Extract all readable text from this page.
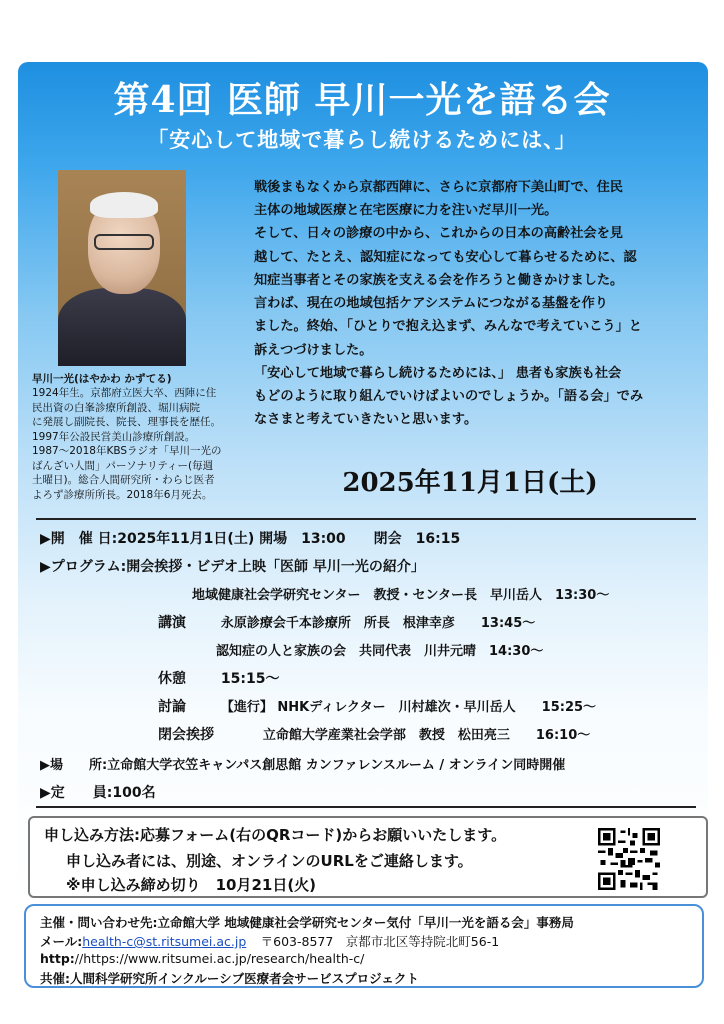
第4回 医師 早川一光を語る会
「安心して地域で暮らし続けるためには、」
早川一光(はやかわ かずてる)
1924年生。京都府立医大卒、西陣に住
民出資の白峯診療所創設、堀川病院
に発展し副院長、院長、理事長を歴任。
1997年公設民営美山診療所創設。
1987〜2018年KBSラジオ「早川一光の
ばんざい人間」パーソナリティー(毎週
土曜日)。総合人間研究所・わらじ医者
よろず診療所所長。2018年6月死去。

戦後まもなくから京都西陣に、さらに京都府下美山町で、住民

主体の地域医療と在宅医療に力を注いだ早川一光。

そして、日々の診療の中から、これからの日本の高齢社会を見

越して、たとえ、認知症になっても安心して暮らせるために、認

知症当事者とその家族を支える会を作ろうと働きかけました。

言わば、現在の地域包括ケアシステムにつながる基盤を作り

ました。終始、「ひとりで抱え込まず、みんなで考えていこう」と

訴えつづけました。

「安心して地域で暮らし続けるためには、」 患者も家族も社会

もどのように取り組んでいけばよいのでしょうか。「語る会」でみ

なさまと考えていきたいと思います。

2025年11月1日(土)
▶開　催 日:2025年11月1日(土) 開場　13:00　　閉会　16:15
▶プログラム:開会挨拶・ビデオ上映「医師 早川一光の紹介」
地域健康社会学研究センター　教授・センター長　早川岳人　13:30〜
講演	永原診療会千本診療所　所長　根津幸彦　　13:45〜
認知症の人と家族の会　共同代表　川井元晴　14:30〜
休憩 15:15〜
討論	【進行】 NHKディレクター　川村雄次・早川岳人　　15:25〜
閉会挨拶	立命館大学産業社会学部　教授　松田亮三　　16:10〜
▶場　　所:立命館大学衣笠キャンパス創思館 カンファレンスルーム / オンライン同時開催
▶定　　員:100名
申し込み方法:応募フォーム(右のQRコード)からお願いいたします。
申し込み者には、別途、オンラインのURLをご連絡します。
※申し込み締め切り　10月21日(火)
主催・問い合わせ先:立命館大学 地域健康社会学研究センター気付「早川一光を語る会」事務局
メール:health-c@st.ritsumei.ac.jp 〒603-8577　京都市北区等持院北町56-1
http://https://www.ritsumei.ac.jp/research/health-c/
共催:人間科学研究所インクルーシブ医療者会サービスプロジェクト
